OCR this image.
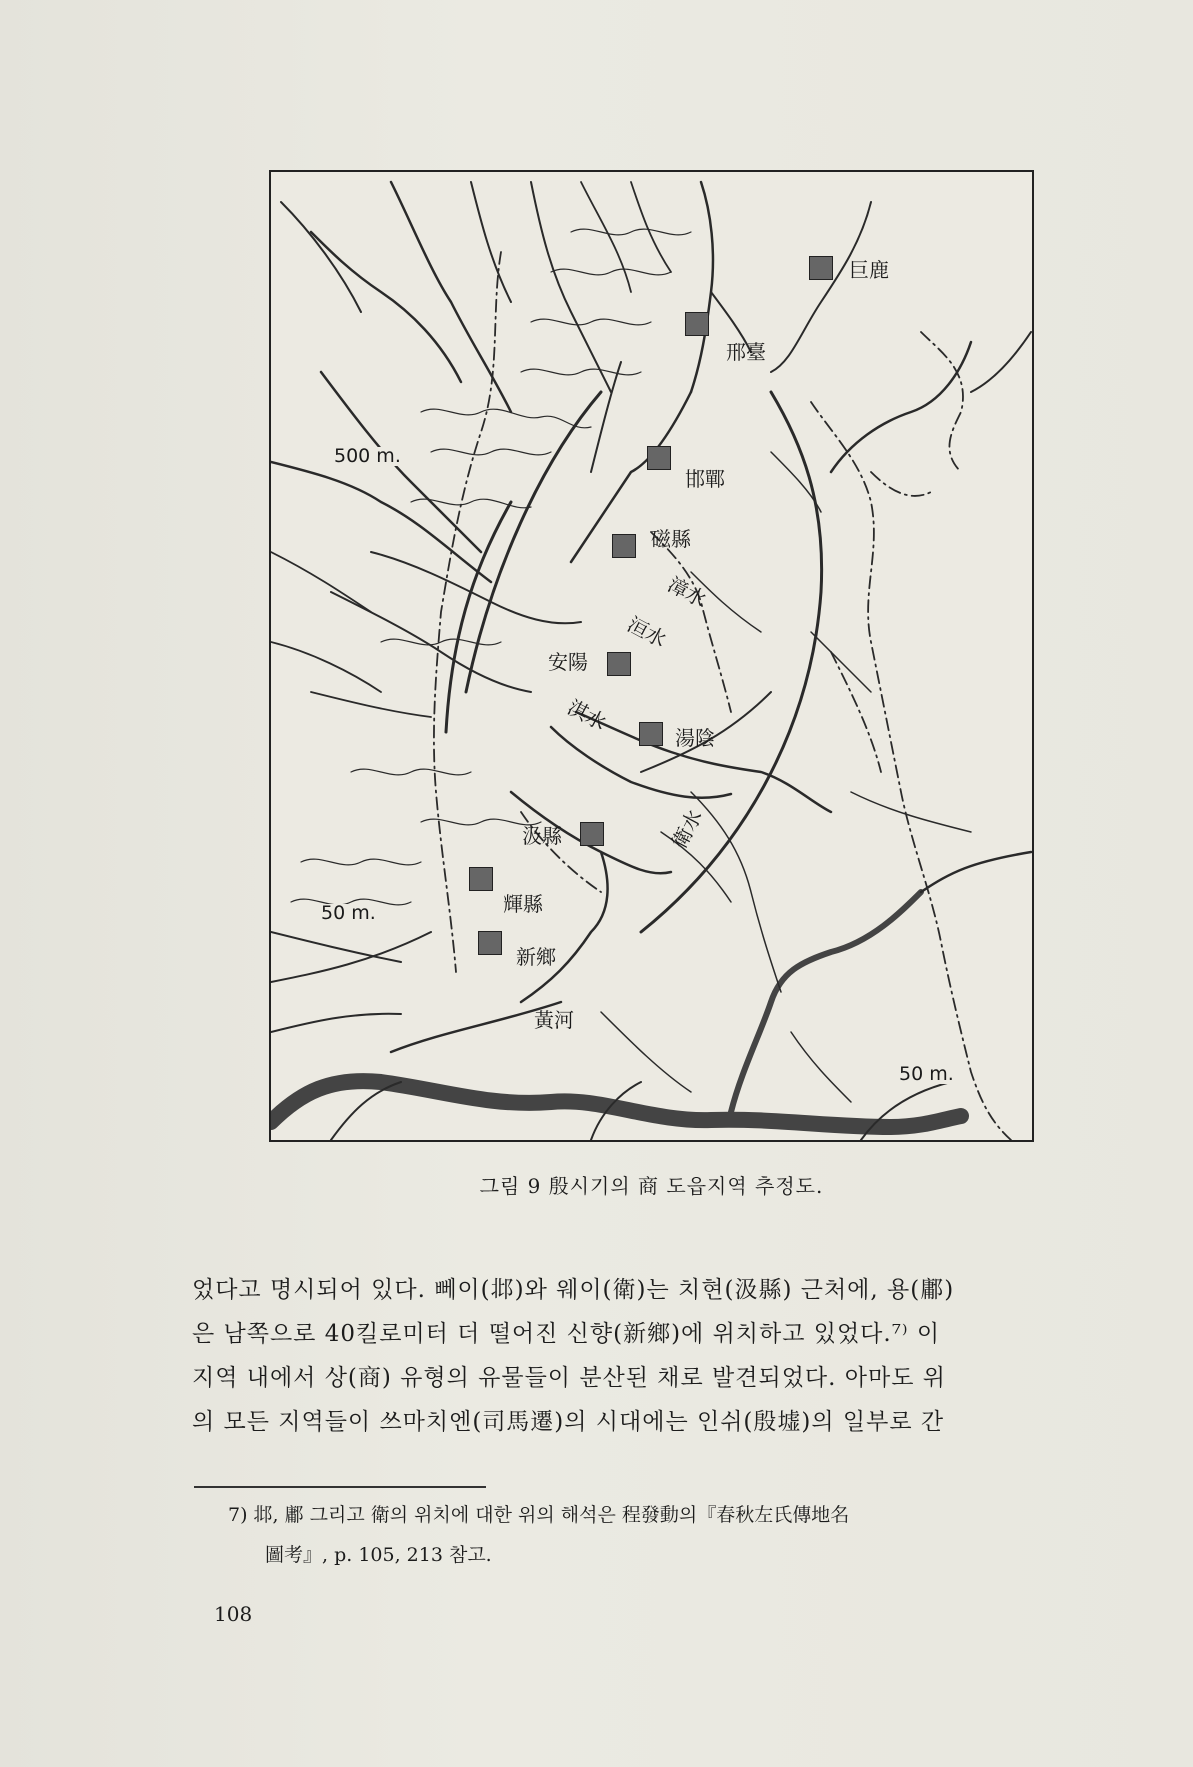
巨鹿
邢臺
邯鄲
磁縣
安陽
湯陰
汲縣
輝縣
新鄉
漳水
洹水
淇水
衛水
黃河
500 m.
50 m.
50 m.
그림 9 殷시기의 商 도읍지역 추정도.

었다고 명시되어 있다. 뻬이(邶)와 웨이(衛)는 치현(汲縣) 근처에, 용(鄘)

은 남쪽으로 40킬로미터 더 떨어진 신향(新鄉)에 위치하고 있었다.⁷⁾ 이

지역 내에서 상(商) 유형의 유물들이 분산된 채로 발견되었다. 아마도 위

의 모든 지역들이 쓰마치엔(司馬遷)의 시대에는 인쉬(殷墟)의 일부로 간

7) 邶, 鄘 그리고 衛의 위치에 대한 위의 해석은 程發動의『春秋左氏傳地名

圖考』, p. 105, 213 참고.

108
